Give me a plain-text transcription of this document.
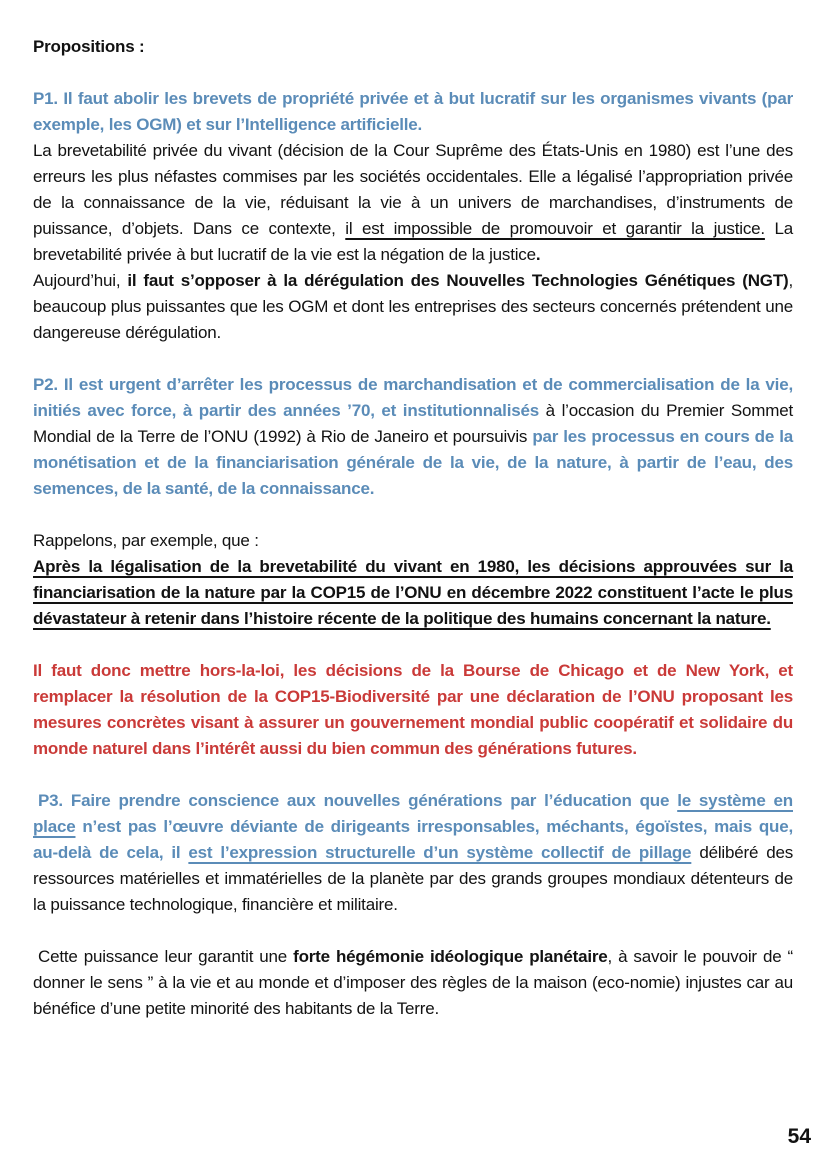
Propositions :

P1. Il faut abolir les brevets de propriété privée et à but lucratif sur les organismes vivants (par exemple, les OGM) et sur l’Intelligence artificielle.

La brevetabilité privée du vivant (décision de la Cour Suprême des États-Unis en 1980) est l’une des erreurs les plus néfastes commises par les sociétés occidentales. Elle a légalisé l’appropriation privée de la connaissance de la vie, réduisant la vie à un univers de marchandises, d’instruments de puissance, d’objets. Dans ce contexte, il est impossible de promouvoir et garantir la justice. La brevetabilité privée à but lucratif de la vie est la négation de la justice.

Aujourd’hui, il faut s’opposer à la dérégulation des Nouvelles Technologies Génétiques (NGT), beaucoup plus puissantes que les OGM et dont les entreprises des secteurs concernés prétendent une dangereuse dérégulation.

P2. Il est urgent d’arrêter les processus de marchandisation et de commercialisation de la vie, initiés avec force, à partir des années ’70, et institutionnalisés à l’occasion du Premier Sommet Mondial de la Terre de l’ONU (1992) à Rio de Janeiro et poursuivis par les processus en cours de la monétisation et de la financiarisation générale de la vie, de la nature, à partir de l’eau, des semences, de la santé, de la connaissance.

Rappelons, par exemple, que :

Après la légalisation de la brevetabilité du vivant en 1980, les décisions approuvées sur la financiarisation de la nature par la COP15 de l’ONU en décembre 2022 constituent l’acte le plus dévastateur à retenir dans l’histoire récente de la politique des humains concernant la nature.

Il faut donc mettre hors-la-loi, les décisions de la Bourse de Chicago et de New York, et remplacer la résolution de la COP15-Biodiversité par une déclaration de l’ONU proposant les mesures concrètes visant à assurer un gouvernement mondial public coopératif et solidaire du monde naturel dans l’intérêt aussi du bien commun des générations futures.

P3. Faire prendre conscience aux nouvelles générations par l’éducation que le système en place n’est pas l’œuvre déviante de dirigeants irresponsables, méchants, égoïstes, mais que, au-delà de cela, il est l’expression structurelle d’un système collectif de pillage délibéré des ressources matérielles et immatérielles de la planète par des grands groupes mondiaux détenteurs de la puissance technologique, financière et militaire.

Cette puissance leur garantit une forte hégémonie idéologique planétaire, à savoir le pouvoir de “ donner le sens ” à la vie et au monde et d’imposer des règles de la maison (eco-nomie) injustes car au bénéfice d’une petite minorité des habitants de la Terre.

54
